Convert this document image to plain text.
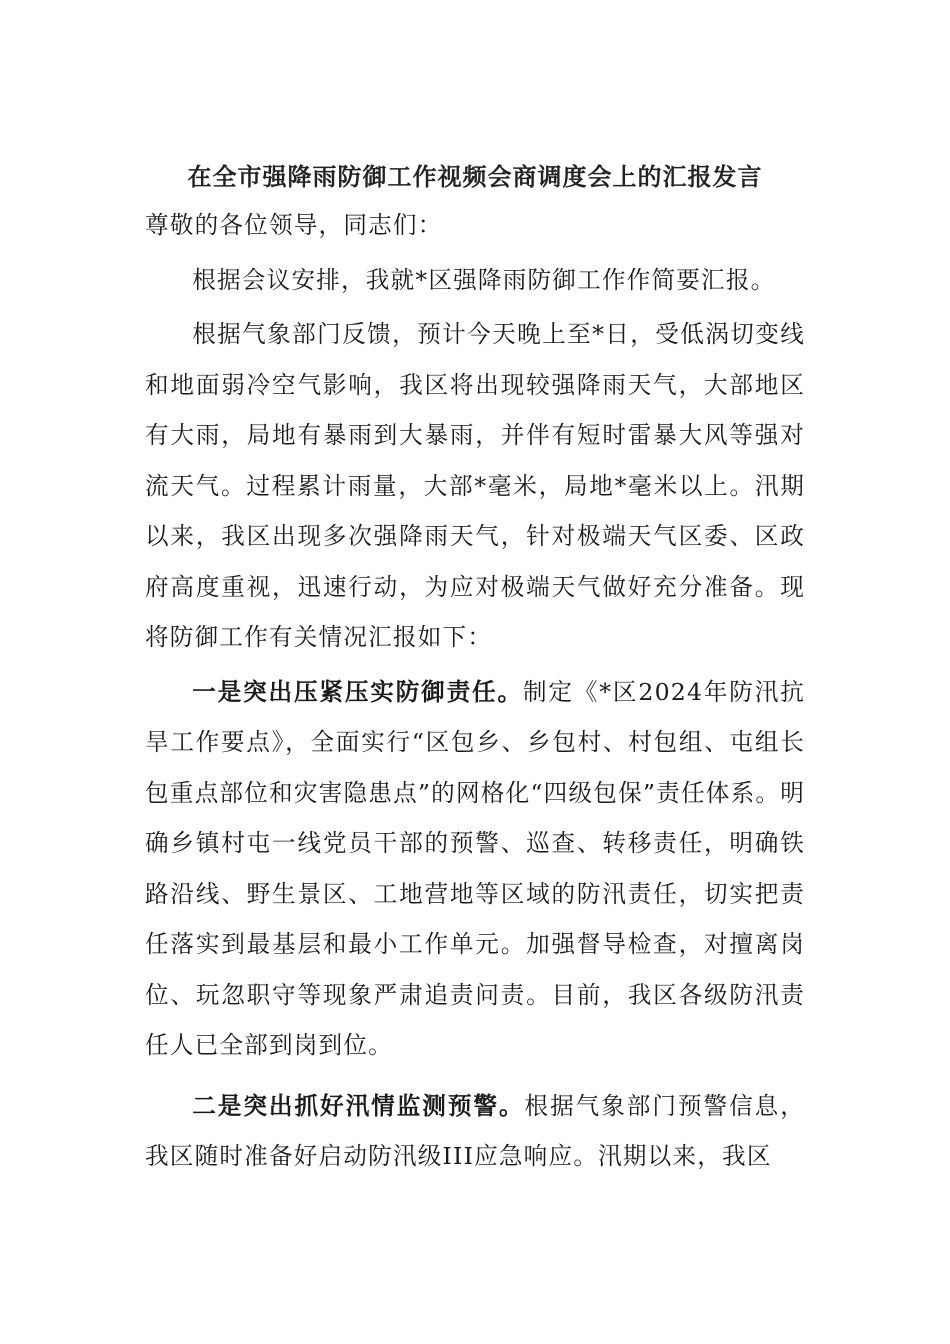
在全市强降雨防御工作视频会商调度会上的汇报发言

尊敬的各位领导，同志们：

根据会议安排，我就*区强降雨防御工作作简要汇报。

根据气象部门反馈，预计今天晚上至*日，受低涡切变线和地面弱冷空气影响，我区将出现较强降雨天气，大部地区有大雨，局地有暴雨到大暴雨，并伴有短时雷暴大风等强对流天气。过程累计雨量，大部*毫米，局地*毫米以上。汛期以来，我区出现多次强降雨天气，针对极端天气区委、区政府高度重视，迅速行动，为应对极端天气做好充分准备。现将防御工作有关情况汇报如下：

一是突出压紧压实防御责任。制定《*区2024年防汛抗旱工作要点》，全面实行“区包乡、乡包村、村包组、屯组长包重点部位和灾害隐患点”的网格化“四级包保”责任体系。明确乡镇村屯一线党员干部的预警、巡查、转移责任，明确铁路沿线、野生景区、工地营地等区域的防汛责任，切实把责任落实到最基层和最小工作单元。加强督导检查，对擅离岗位、玩忽职守等现象严肃追责问责。目前，我区各级防汛责任人已全部到岗到位。

二是突出抓好汛情监测预警。根据气象部门预警信息，我区随时准备好启动防汛级III应急响应。汛期以来，我区
